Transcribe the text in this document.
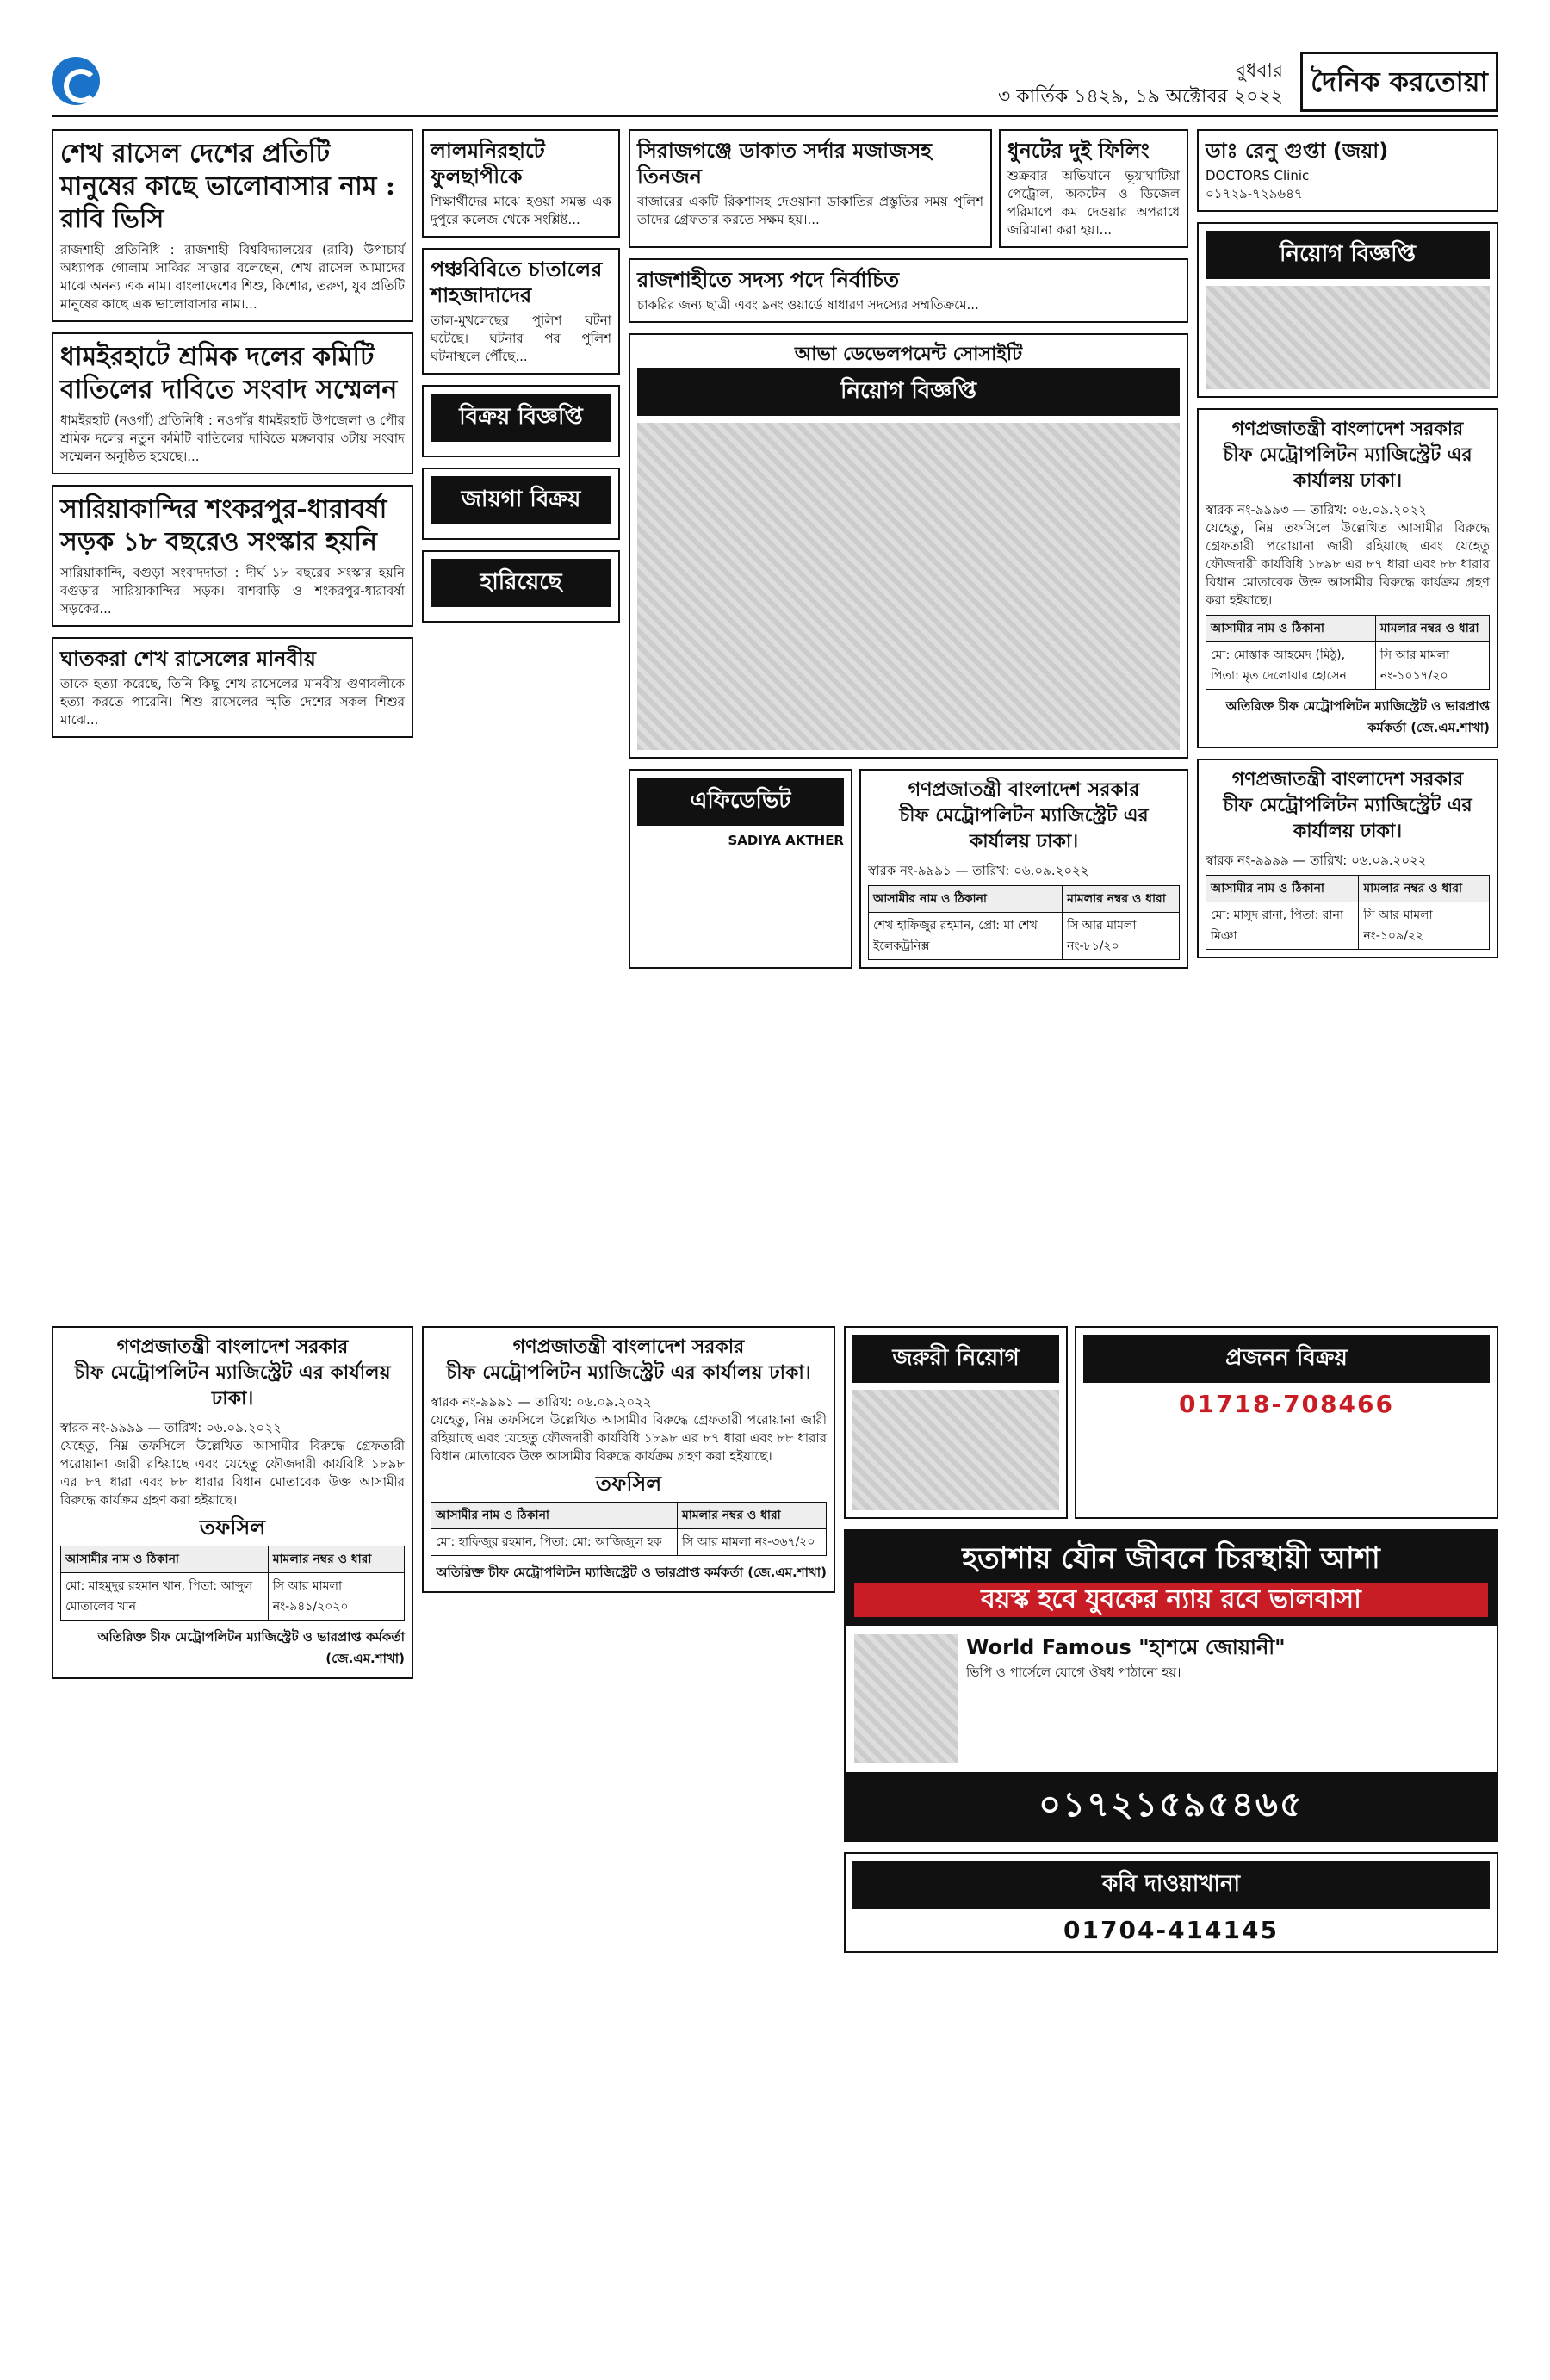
বুধবার
৩ কার্তিক ১৪২৯, ১৯ অক্টোবর ২০২২	দৈনিক করতোয়া
শেখ রাসেল দেশের প্রতিটি মানুষের কাছে ভালোবাসার নাম : রাবি ভিসি
রাজশাহী প্রতিনিধি : রাজশাহী বিশ্ববিদ্যালয়ের (রাবি) উপাচার্য অধ্যাপক গোলাম সাব্বির সাত্তার বলেছেন, শেখ রাসেল আমাদের মাঝে অনন্য এক নাম। বাংলাদেশের শিশু, কিশোর, তরুণ, যুব প্রতিটি মানুষের কাছে এক ভালোবাসার নাম।...
ধামইরহাটে শ্রমিক দলের কমিটি বাতিলের দাবিতে সংবাদ সম্মেলন
ধামইরহাট (নওগাঁ) প্রতিনিধি : নওগাঁর ধামইরহাট উপজেলা ও পৌর শ্রমিক দলের নতুন কমিটি বাতিলের দাবিতে মঙ্গলবার ৩টায় সংবাদ সম্মেলন অনুষ্ঠিত হয়েছে।...
সারিয়াকান্দির শংকরপুর-ধারাবর্ষা সড়ক ১৮ বছরেও সংস্কার হয়নি
সারিয়াকান্দি, বগুড়া সংবাদদাতা : দীর্ঘ ১৮ বছরের সংস্কার হয়নি বগুড়ার সারিয়াকান্দির সড়ক। বাশবাড়ি ও শংকরপুর-ধারাবর্ষা সড়কের...
ঘাতকরা শেখ রাসেলের মানবীয়
তাকে হত্যা করেছে, তিনি কিছু শেখ রাসেলের মানবীয় গুণাবলীকে হত্যা করতে পারেনি। শিশু রাসেলের স্মৃতি দেশের সকল শিশুর মাঝে...
লালমনিরহাটে ফুলছাপীকে
শিক্ষার্থীদের মাঝে হওয়া সমস্ত এক দুপুরে কলেজ থেকে সংশ্লিষ্ট...
পঞ্চবিবিতে চাতালের শাহজাদাদের
তাল-মুখলেছের পুলিশ ঘটনা ঘটেছে। ঘটনার পর পুলিশ ঘটনাস্থলে পৌঁছে...
বিক্রয় বিজ্ঞপ্তি
জায়গা বিক্রয়
হারিয়েছে
সিরাজগঞ্জে ডাকাত সর্দার মজাজসহ তিনজন
বাজারের একটি রিকশাসহ দেওয়ানা ডাকাতির প্রস্তুতির সময় পুলিশ তাদের গ্রেফতার করতে সক্ষম হয়।...
ধুনটের দুই ফিলিং
শুক্রবার অভিযানে ভূয়াঘাটিয়া পেট্রোল, অকটেন ও ডিজেল পরিমাপে কম দেওয়ার অপরাধে জরিমানা করা হয়।...
রাজশাহীতে সদস্য পদে নির্বাচিত
চাকরির জন্য ছাত্রী এবং ৯নং ওয়ার্ডে ষাধারণ সদস্যের সম্মতিক্রমে...
আভা ডেভেলপমেন্ট সোসাইটি
নিয়োগ বিজ্ঞপ্তি
এফিডেভিট
SADIYA AKTHER
গণপ্রজাতন্ত্রী বাংলাদেশ সরকার
চীফ মেট্রোপলিটন ম্যাজিস্ট্রেট এর কার্যালয় ঢাকা।
স্বারক নং-৯৯৯১ — তারিখ: ০৬.০৯.২০২২
আসামীর নাম ও ঠিকানা	মামলার নম্বর ও ধারা
শেখ হাফিজুর রহমান, প্রো: মা শেখ ইলেকট্রনিক্স	সি আর মামলা নং-৮১/২০
ডাঃ রেনু গুপ্তা (জয়া)
DOCTORS Clinic
০১৭২৯-৭২৯৬৪৭
নিয়োগ বিজ্ঞপ্তি
গণপ্রজাতন্ত্রী বাংলাদেশ সরকার
চীফ মেট্রোপলিটন ম্যাজিস্ট্রেট এর কার্যালয় ঢাকা।
স্বারক নং-৯৯৯৩ — তারিখ: ০৬.০৯.২০২২
যেহেতু, নিম্ন তফসিলে উল্লেখিত আসামীর বিরুদ্ধে গ্রেফতারী পরোয়ানা জারী রহিয়াছে এবং যেহেতু ফৌজদারী কার্যবিধি ১৮৯৮ এর ৮৭ ধারা এবং ৮৮ ধারার বিধান মোতাবেক উক্ত আসামীর বিরুদ্ধে কার্যক্রম গ্রহণ করা হইয়াছে।
আসামীর নাম ও ঠিকানা	মামলার নম্বর ও ধারা
মো: মোস্তাক আহমেদ (মিঠু), পিতা: মৃত দেলোয়ার হোসেন	সি আর মামলা নং-১০১৭/২০
অতিরিক্ত চীফ মেট্রোপলিটন ম্যাজিস্ট্রেট ও ভারপ্রাপ্ত কর্মকর্তা (জে.এম.শাখা)
গণপ্রজাতন্ত্রী বাংলাদেশ সরকার
চীফ মেট্রোপলিটন ম্যাজিস্ট্রেট এর কার্যালয় ঢাকা।
স্বারক নং-৯৯৯৯ — তারিখ: ০৬.০৯.২০২২
আসামীর নাম ও ঠিকানা	মামলার নম্বর ও ধারা
মো: মাসুদ রানা, পিতা: রানা মিঞা	সি আর মামলা নং-১০৯/২২
গণপ্রজাতন্ত্রী বাংলাদেশ সরকার
চীফ মেট্রোপলিটন ম্যাজিস্ট্রেট এর কার্যালয় ঢাকা।
স্বারক নং-৯৯৯৯ — তারিখ: ০৬.০৯.২০২২
যেহেতু, নিম্ন তফসিলে উল্লেখিত আসামীর বিরুদ্ধে গ্রেফতারী পরোয়ানা জারী রহিয়াছে এবং যেহেতু ফৌজদারী কার্যবিধি ১৮৯৮ এর ৮৭ ধারা এবং ৮৮ ধারার বিধান মোতাবেক উক্ত আসামীর বিরুদ্ধে কার্যক্রম গ্রহণ করা হইয়াছে।
তফসিল
আসামীর নাম ও ঠিকানা	মামলার নম্বর ও ধারা
মো: মাহমুদুর রহমান খান, পিতা: আব্দুল মোতালেব খান	সি আর মামলা নং-৯৪১/২০২০
অতিরিক্ত চীফ মেট্রোপলিটন ম্যাজিস্ট্রেট ও ভারপ্রাপ্ত কর্মকর্তা (জে.এম.শাখা)
গণপ্রজাতন্ত্রী বাংলাদেশ সরকার
চীফ মেট্রোপলিটন ম্যাজিস্ট্রেট এর কার্যালয় ঢাকা।
স্বারক নং-৯৯৯১ — তারিখ: ০৬.০৯.২০২২
যেহেতু, নিম্ন তফসিলে উল্লেখিত আসামীর বিরুদ্ধে গ্রেফতারী পরোয়ানা জারী রহিয়াছে এবং যেহেতু ফৌজদারী কার্যবিধি ১৮৯৮ এর ৮৭ ধারা এবং ৮৮ ধারার বিধান মোতাবেক উক্ত আসামীর বিরুদ্ধে কার্যক্রম গ্রহণ করা হইয়াছে।
তফসিল
আসামীর নাম ও ঠিকানা	মামলার নম্বর ও ধারা
মো: হাফিজুর রহমান, পিতা: মো: আজিজুল হক	সি আর মামলা নং-৩৬৭/২০
অতিরিক্ত চীফ মেট্রোপলিটন ম্যাজিস্ট্রেট ও ভারপ্রাপ্ত কর্মকর্তা (জে.এম.শাখা)
জরুরী নিয়োগ	প্রজনন বিক্রয়
01718-708466
হতাশায় যৌন জীবনে চিরস্থায়ী আশা
বয়স্ক হবে যুবকের ন্যায় রবে ভালবাসা
World Famous "হাশমে জোয়ানী"
ভিপি ও পার্সেলে যোগে ঔষধ পাঠানো হয়।
০১৭২১৫৯৫৪৬৫
কবি দাওয়াখানা
01704-414145
